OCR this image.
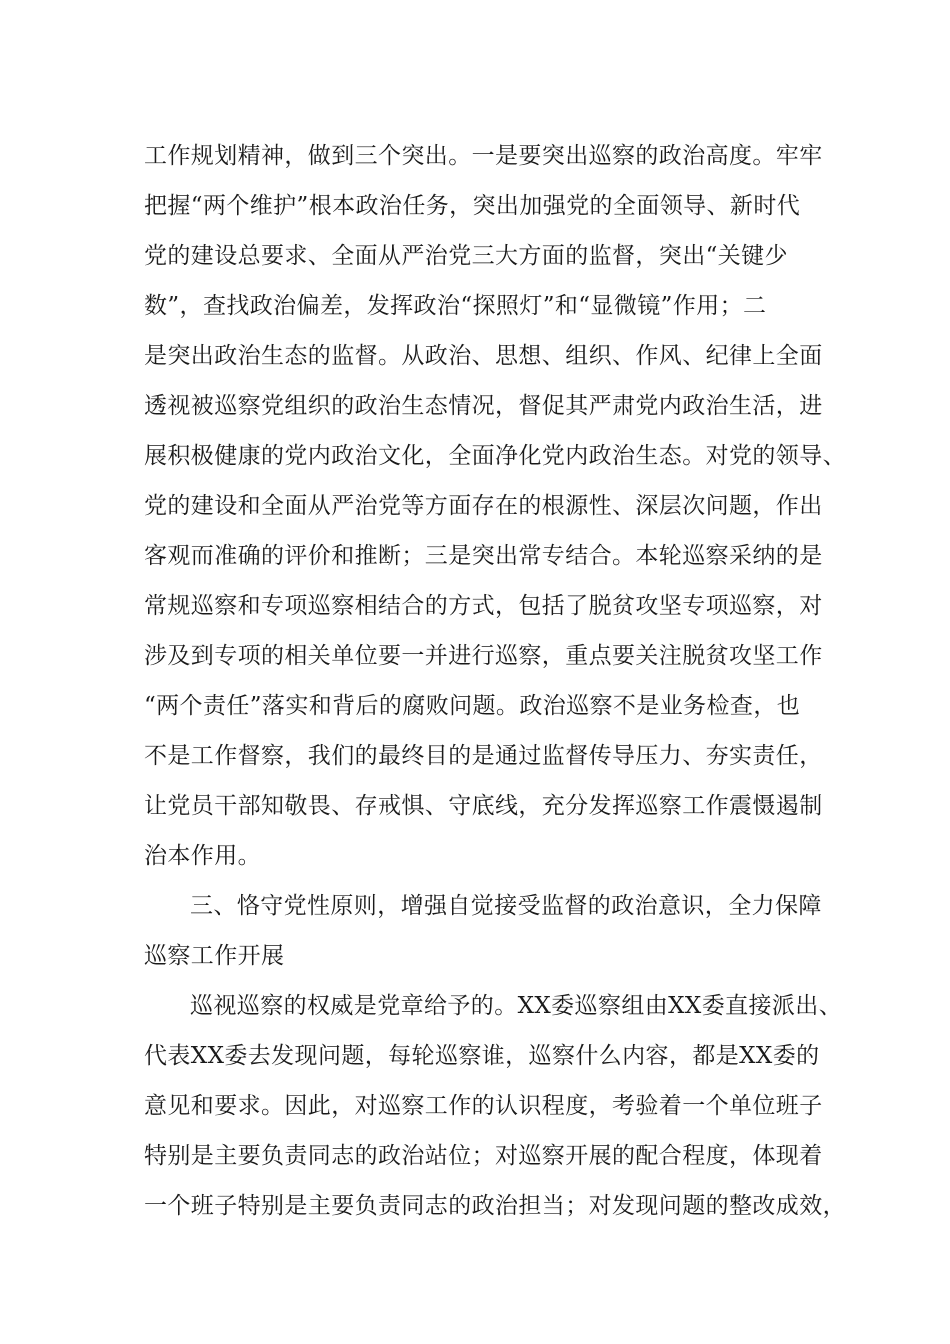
工作规划精神，做到三个突出。一是要突出巡察的政治高度。牢牢
把握“两个维护”根本政治任务，突出加强党的全面领导、新时代
党的建设总要求、全面从严治党三大方面的监督，突出“关键少
数”，查找政治偏差，发挥政治“探照灯”和“显微镜”作用；二
是突出政治生态的监督。从政治、思想、组织、作风、纪律上全面
透视被巡察党组织的政治生态情况，督促其严肃党内政治生活，进
展积极健康的党内政治文化，全面净化党内政治生态。对党的领导、
党的建设和全面从严治党等方面存在的根源性、深层次问题，作出
客观而准确的评价和推断；三是突出常专结合。本轮巡察采纳的是
常规巡察和专项巡察相结合的方式，包括了脱贫攻坚专项巡察，对
涉及到专项的相关单位要一并进行巡察，重点要关注脱贫攻坚工作
“两个责任”落实和背后的腐败问题。政治巡察不是业务检查，也
不是工作督察，我们的最终目的是通过监督传导压力、夯实责任，
让党员干部知敬畏、存戒惧、守底线，充分发挥巡察工作震慑遏制
治本作用。
三、恪守党性原则，增强自觉接受监督的政治意识，全力保障
巡察工作开展
巡视巡察的权威是党章给予的。XX委巡察组由XX委直接派出、
代表XX委去发现问题，每轮巡察谁，巡察什么内容，都是XX委的
意见和要求。因此，对巡察工作的认识程度，考验着一个单位班子
特别是主要负责同志的政治站位；对巡察开展的配合程度，体现着
一个班子特别是主要负责同志的政治担当；对发现问题的整改成效，
